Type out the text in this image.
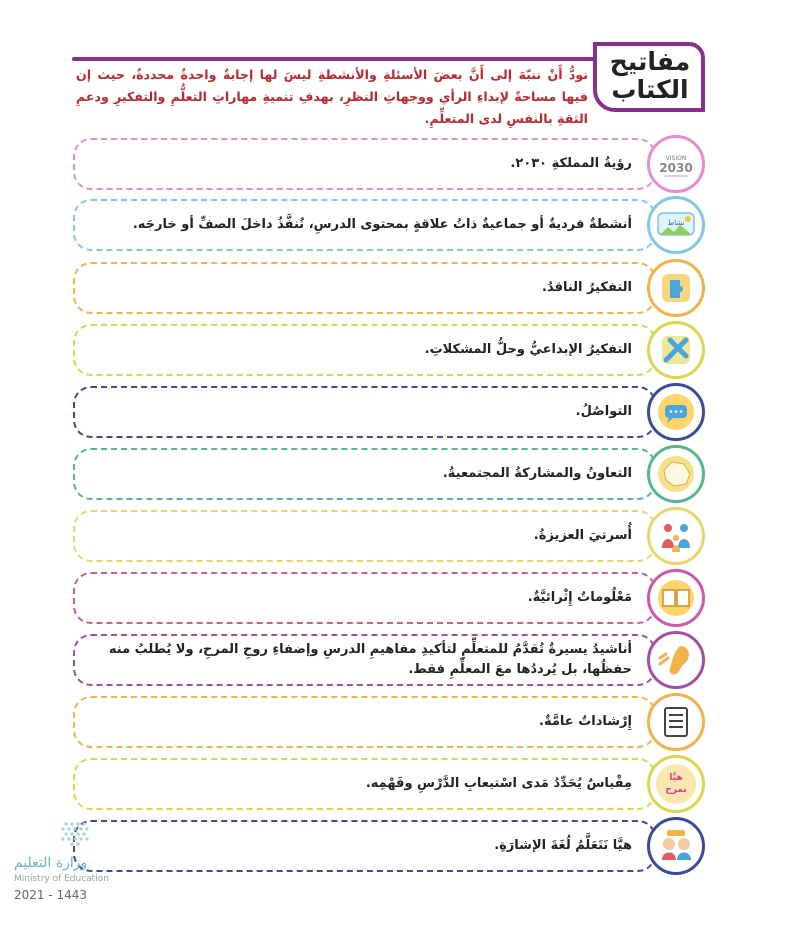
مفاتيح الكتاب
نودُّ أَنْ ننبّهَ إلى أَنَّ بعضَ الأسئلةِ والأنشطةِ ليسَ لها إجابةٌ واحدةٌ محددةٌ، حيث إن فيها مساحةً لإبداءِ الرأي ووجهاتِ النظرِ، بهدفِ تنميةِ مهاراتِ التعلُّمِ والتفكيرِ ودعمِ الثقةِ بالنفسِ لدى المتعلِّمِ.
رؤيةُ المملكةِ ٢٠٣٠.	VISION
2030
أنشطةٌ فرديةٌ أو جماعيةٌ ذاتُ علاقةٍ بمحتوى الدرسِ، تُنفَّذُ داخلَ الصفِّ أو خارجَه.	نشاط
التفكيرُ الناقدُ.
التفكيرُ الإبداعيُّ وحلُّ المشكلاتِ.
التواصُلُ.
التعاونُ والمشاركةُ المجتمعيةُ.
أُسرتيَ العزيزةُ.
مَعْلُوماتٌ إِثْرائيَّةٌ.
أناشيدُ يسيرةٌ تُقدَّمُ للمتعلِّمِ لتأكيدِ مفاهيمِ الدرسِ وإضفاءِ روحِ المرحِ، ولا يُطلبُ منه حفظُها، بل يُرددُها معَ المعلِّمِ فقط.
إِرْشاداتٌ عامَّةٌ.
مِقْياسٌ يُحَدِّدُ مَدى اسْتيعابِ الدَّرْسِ وفَهْمِه.	هيَّا
نمرح
هيَّا نَتَعَلَّمُ لُغَةَ الإشارَةِ.
وزارة التعليم
Ministry of Education
2021 - 1443
